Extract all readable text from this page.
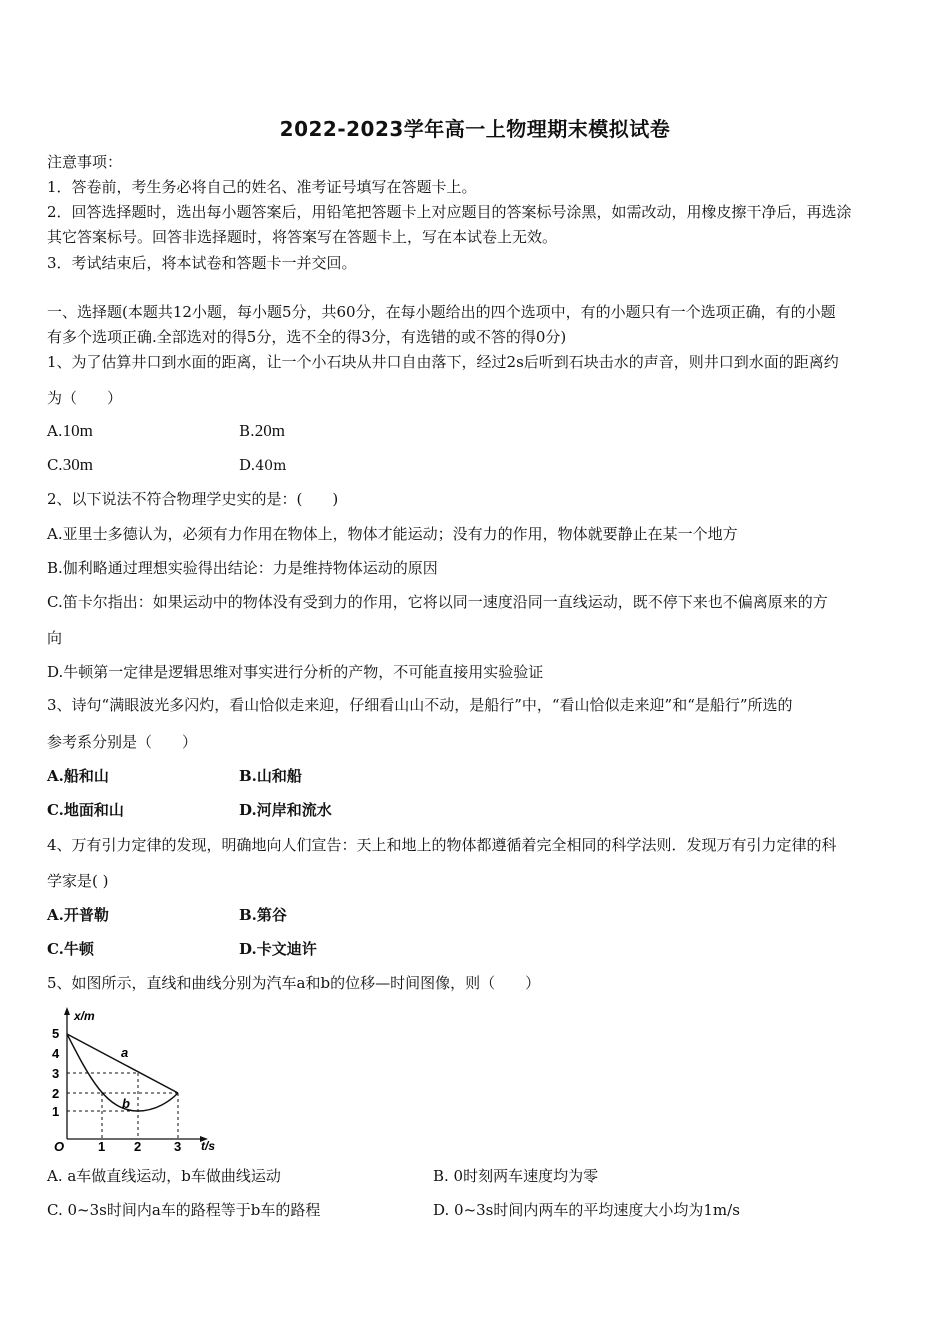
2022-2023学年高一上物理期末模拟试卷
注意事项：
1．答卷前，考生务必将自己的姓名、准考证号填写在答题卡上。
2．回答选择题时，选出每小题答案后，用铅笔把答题卡上对应题目的答案标号涂黑，如需改动，用橡皮擦干净后，再选涂
其它答案标号。回答非选择题时，将答案写在答题卡上，写在本试卷上无效。
3．考试结束后，将本试卷和答题卡一并交回。
一、选择题(本题共12小题，每小题5分，共60分，在每小题给出的四个选项中，有的小题只有一个选项正确，有的小题
有多个选项正确.全部选对的得5分，选不全的得3分，有选错的或不答的得0分)
1、为了估算井口到水面的距离，让一个小石块从井口自由落下，经过2s后听到石块击水的声音，则井口到水面的距离约
为（　　）
A.10m	B.20m
C.30m	D.40m
2、以下说法不符合物理学史实的是：(　　)
A.亚里士多德认为，必须有力作用在物体上，物体才能运动；没有力的作用，物体就要静止在某一个地方
B.伽利略通过理想实验得出结论：力是维持物体运动的原因
C.笛卡尔指出：如果运动中的物体没有受到力的作用，它将以同一速度沿同一直线运动，既不停下来也不偏离原来的方
向
D.牛顿第一定律是逻辑思维对事实进行分析的产物，不可能直接用实验验证
3、诗句“满眼波光多闪灼，看山恰似走来迎，仔细看山山不动，是船行”中，“看山恰似走来迎”和“是船行”所选的
参考系分别是（　　）
A.船和山	B.山和船
C.地面和山	D.河岸和流水
4、万有引力定律的发现，明确地向人们宣告：天上和地上的物体都遵循着完全相同的科学法则．发现万有引力定律的科
学家是( )
A.开普勒	B.第谷
C.牛顿	D.卡文迪许
5、如图所示，直线和曲线分别为汽车a和b的位移—时间图像，则（　　）
x/m
t/s
O	1 2	3
1
2
3
4
5
a
b
A. a车做直线运动，b车做曲线运动	B. 0时刻两车速度均为零
C. 0~3s时间内a车的路程等于b车的路程	D. 0~3s时间内两车的平均速度大小均为1m/s
